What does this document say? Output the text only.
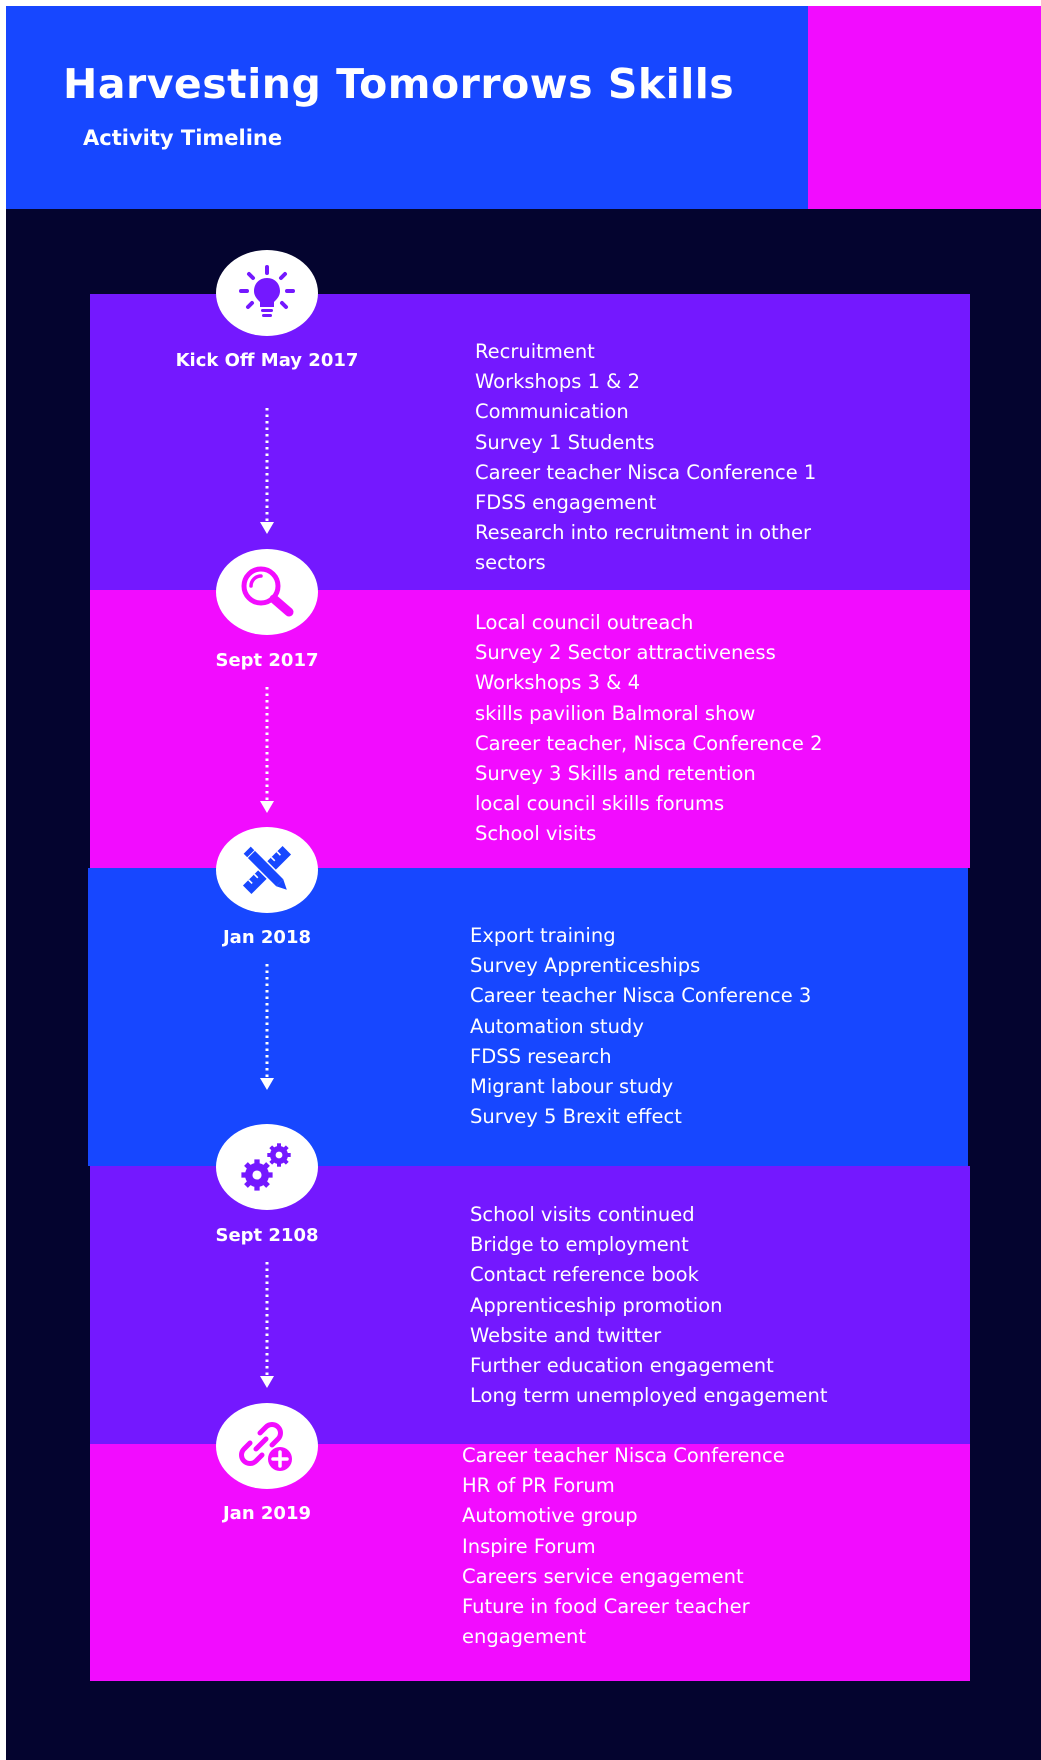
Harvesting Tomorrows Skills
Activity Timeline
Kick Off May 2017	Recruitment
Workshops 1 & 2
Communication
Survey 1 Students
Career teacher Nisca Conference 1
FDSS engagement
Research into recruitment in other
sectors
Sept 2017
Local council outreach
Survey 2 Sector attractiveness
Workshops 3 & 4
skills pavilion Balmoral show
Career teacher, Nisca Conference 2
Survey 3 Skills and retention
local council skills forums
School visits
Jan 2018	Export training
Survey Apprenticeships
Career teacher Nisca Conference 3
Automation study
FDSS research
Migrant labour study
Survey 5 Brexit effect
Sept 2108
School visits continued
Bridge to employment
Contact reference book
Apprenticeship promotion
Website and twitter
Further education engagement
Long term unemployed engagement
Jan 2019
Career teacher Nisca Conference
HR of PR Forum
Automotive group
Inspire Forum
Careers service engagement
Future in food Career teacher
engagement
